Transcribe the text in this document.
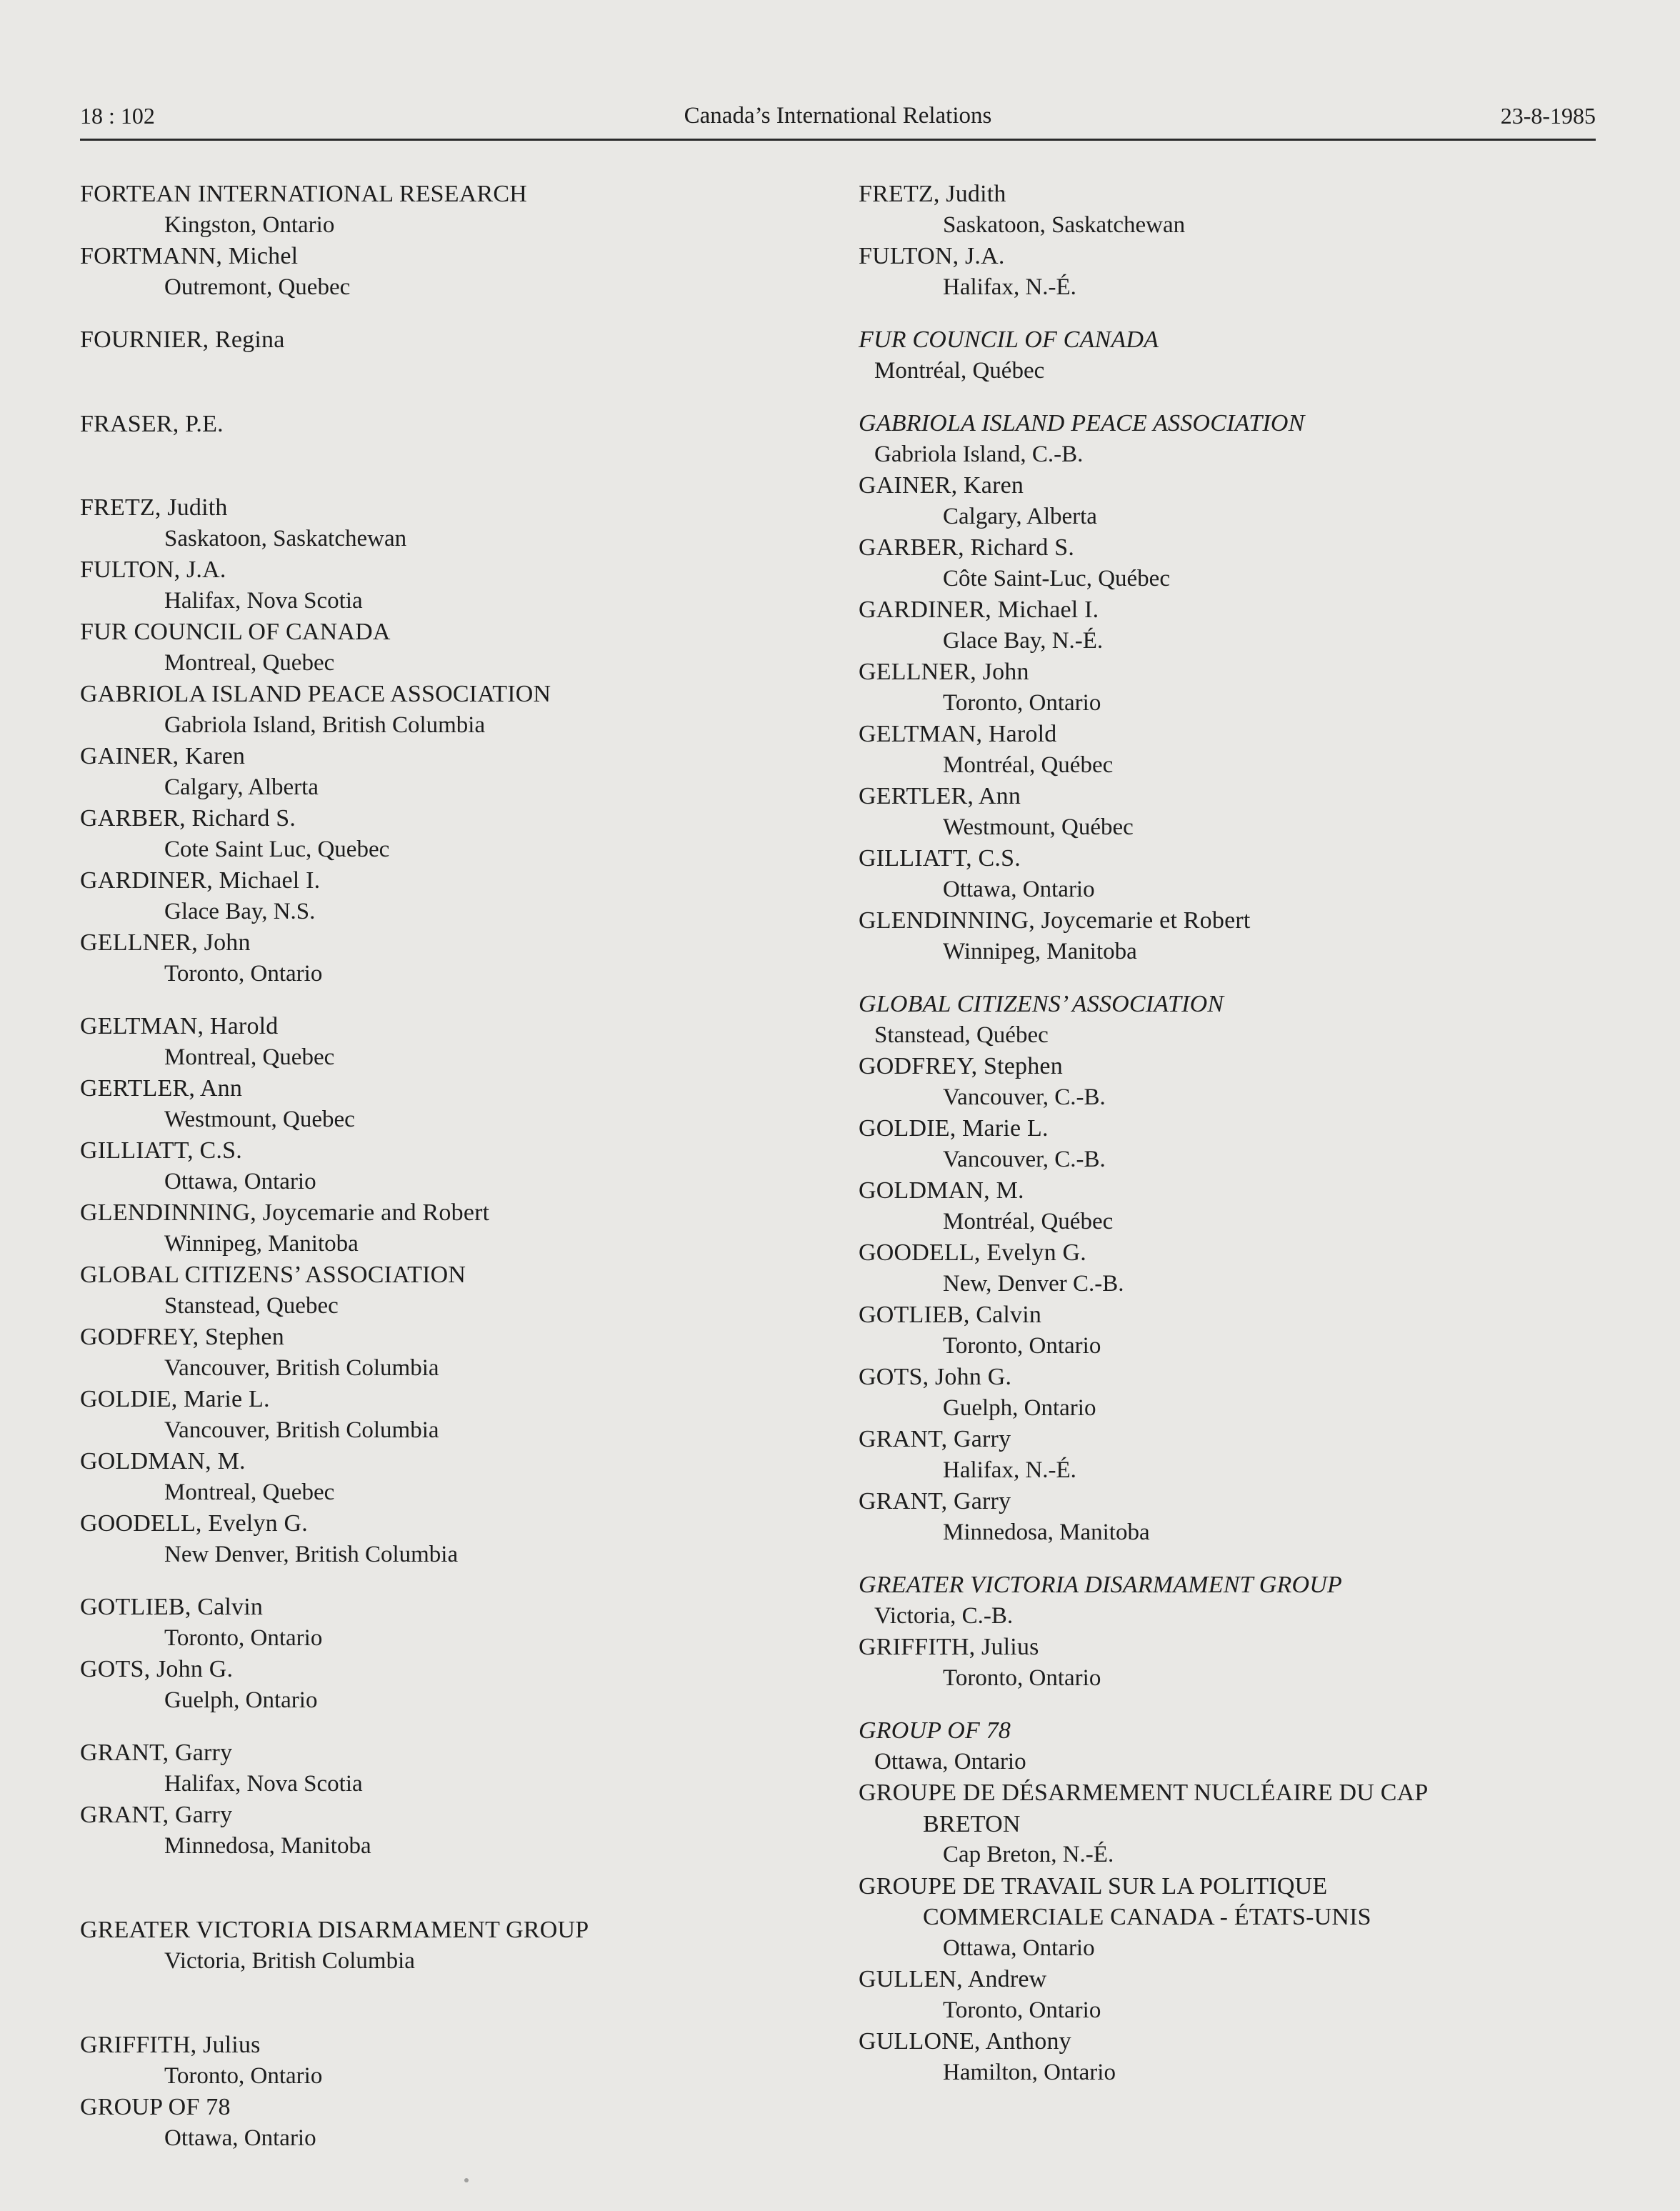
18 : 102	Canada’s International Relations	23-8-1985
FORTEAN INTERNATIONAL RESEARCH
Kingston, Ontario
FORTMANN, Michel
Outremont, Quebec
FOURNIER, Regina
FRASER, P.E.
FRETZ, Judith
Saskatoon, Saskatchewan
FULTON, J.A.
Halifax, Nova Scotia
FUR COUNCIL OF CANADA
Montreal, Quebec
GABRIOLA ISLAND PEACE ASSOCIATION
Gabriola Island, British Columbia
GAINER, Karen
Calgary, Alberta
GARBER, Richard S.
Cote Saint Luc, Quebec
GARDINER, Michael I.
Glace Bay, N.S.
GELLNER, John
Toronto, Ontario
GELTMAN, Harold
Montreal, Quebec
GERTLER, Ann
Westmount, Quebec
GILLIATT, C.S.
Ottawa, Ontario
GLENDINNING, Joycemarie and Robert
Winnipeg, Manitoba
GLOBAL CITIZENS’ ASSOCIATION
Stanstead, Quebec
GODFREY, Stephen
Vancouver, British Columbia
GOLDIE, Marie L.
Vancouver, British Columbia
GOLDMAN, M.
Montreal, Quebec
GOODELL, Evelyn G.
New Denver, British Columbia
GOTLIEB, Calvin
Toronto, Ontario
GOTS, John G.
Guelph, Ontario
GRANT, Garry
Halifax, Nova Scotia
GRANT, Garry
Minnedosa, Manitoba
GREATER VICTORIA DISARMAMENT GROUP
Victoria, British Columbia
GRIFFITH, Julius
Toronto, Ontario
GROUP OF 78
Ottawa, Ontario
FRETZ, Judith
Saskatoon, Saskatchewan
FULTON, J.A.
Halifax, N.-É.
FUR COUNCIL OF CANADA
Montréal, Québec
GABRIOLA ISLAND PEACE ASSOCIATION
Gabriola Island, C.-B.
GAINER, Karen
Calgary, Alberta
GARBER, Richard S.
Côte Saint-Luc, Québec
GARDINER, Michael I.
Glace Bay, N.-É.
GELLNER, John
Toronto, Ontario
GELTMAN, Harold
Montréal, Québec
GERTLER, Ann
Westmount, Québec
GILLIATT, C.S.
Ottawa, Ontario
GLENDINNING, Joycemarie et Robert
Winnipeg, Manitoba
GLOBAL CITIZENS’ ASSOCIATION
Stanstead, Québec
GODFREY, Stephen
Vancouver, C.-B.
GOLDIE, Marie L.
Vancouver, C.-B.
GOLDMAN, M.
Montréal, Québec
GOODELL, Evelyn G.
New, Denver C.-B.
GOTLIEB, Calvin
Toronto, Ontario
GOTS, John G.
Guelph, Ontario
GRANT, Garry
Halifax, N.-É.
GRANT, Garry
Minnedosa, Manitoba
GREATER VICTORIA DISARMAMENT GROUP
Victoria, C.-B.
GRIFFITH, Julius
Toronto, Ontario
GROUP OF 78
Ottawa, Ontario
GROUPE DE DÉSARMEMENT NUCLÉAIRE DU CAP
BRETON
Cap Breton, N.-É.
GROUPE DE TRAVAIL SUR LA POLITIQUE
COMMERCIALE CANADA - ÉTATS-UNIS
Ottawa, Ontario
GULLEN, Andrew
Toronto, Ontario
GULLONE, Anthony
Hamilton, Ontario
